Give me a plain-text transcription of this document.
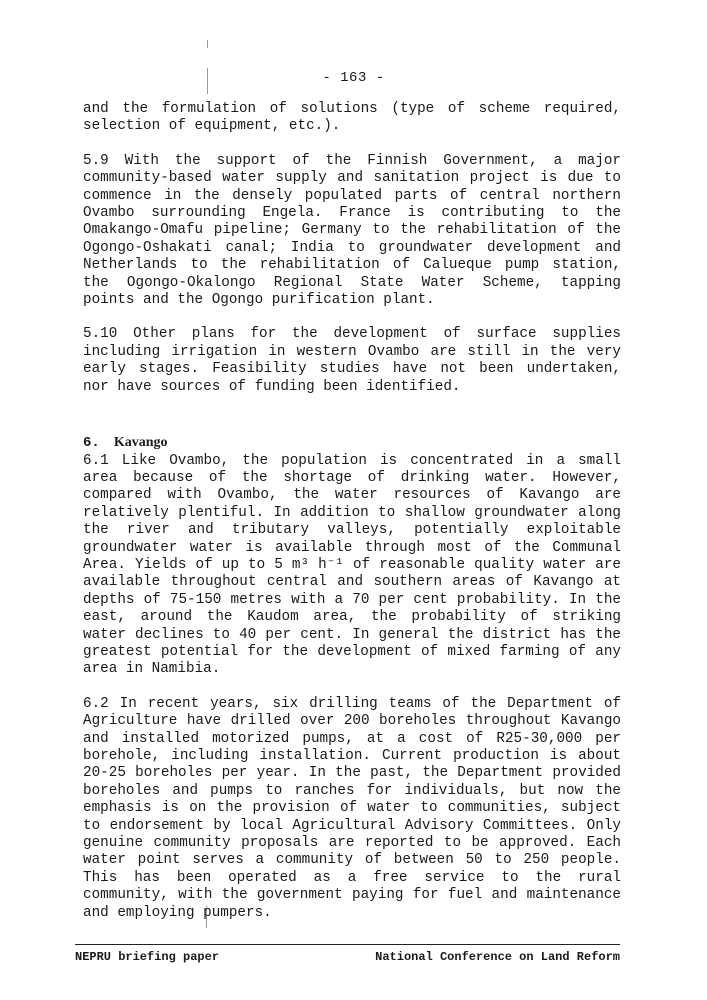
- 163 -

and the formulation of solutions (type of scheme required, selection of equipment, etc.).

5.9 With the support of the Finnish Government, a major community-based water supply and sanitation project is due to commence in the densely populated parts of central northern Ovambo surrounding Engela. France is contributing to the Omakango-Omafu pipeline; Germany to the rehabilitation of the Ogongo-Oshakati canal; India to groundwater development and Netherlands to the rehabilitation of Calueque pump station, the Ogongo-Okalongo Regional State Water Scheme, tapping points and the Ogongo purification plant.

5.10 Other plans for the development of surface supplies including irrigation in western Ovambo are still in the very early stages. Feasibility studies have not been undertaken, nor have sources of funding been identified.

6. Kavango

6.1 Like Ovambo, the population is concentrated in a small area because of the shortage of drinking water. However, compared with Ovambo, the water resources of Kavango are relatively plentiful. In addition to shallow groundwater along the river and tributary valleys, potentially exploitable groundwater water is available through most of the Communal Area. Yields of up to 5 m³ h⁻¹ of reasonable quality water are available throughout central and southern areas of Kavango at depths of 75-150 metres with a 70 per cent probability. In the east, around the Kaudom area, the probability of striking water declines to 40 per cent. In general the district has the greatest potential for the development of mixed farming of any area in Namibia.

6.2 In recent years, six drilling teams of the Department of Agriculture have drilled over 200 boreholes throughout Kavango and installed motorized pumps, at a cost of R25-30,000 per borehole, including installation. Current production is about 20-25 boreholes per year. In the past, the Department provided boreholes and pumps to ranches for individuals, but now the emphasis is on the provision of water to communities, subject to endorsement by local Agricultural Advisory Committees. Only genuine community proposals are reported to be approved. Each water point serves a community of between 50 to 250 people. This has been operated as a free service to the rural community, with the government paying for fuel and maintenance and employing pumpers.

NEPRU briefing paper	National Conference on Land Reform
